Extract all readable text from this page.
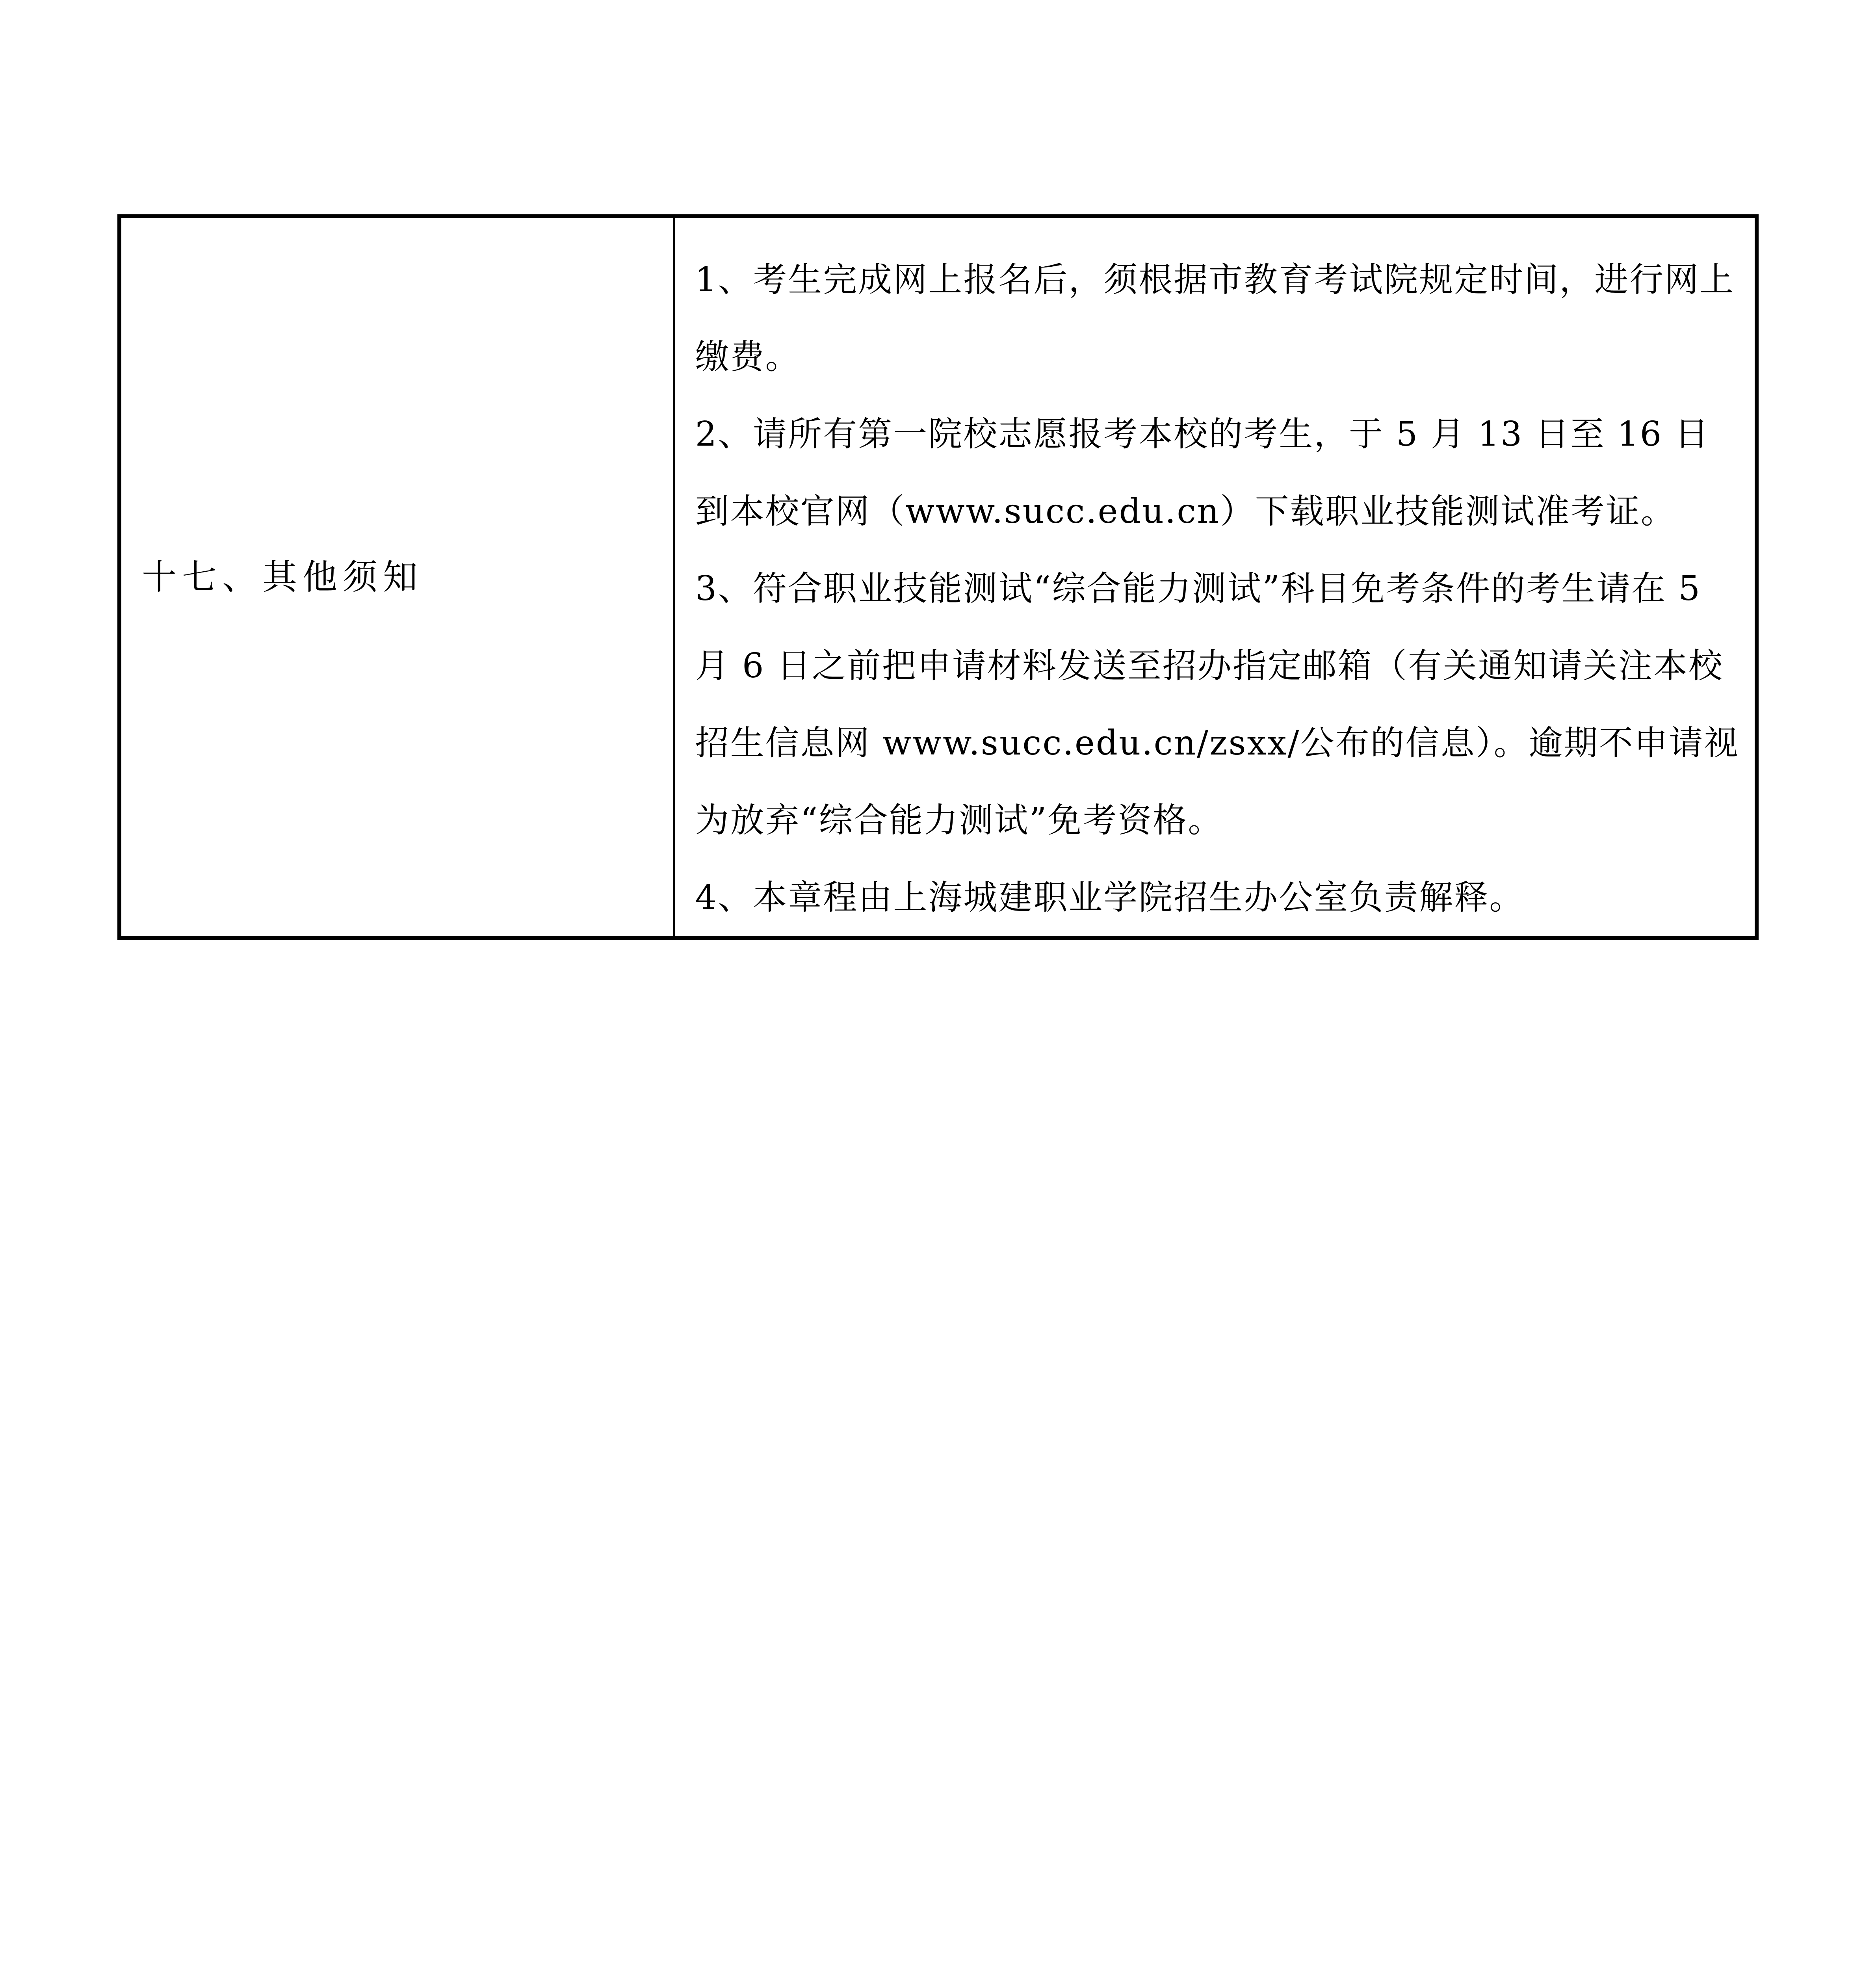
十七、其他须知

1、考生完成网上报名后，须根据市教育考试院规定时间，进行网上缴费。

2、请所有第一院校志愿报考本校的考生，于 5 月 13 日至 16 日到本校官网（www.succ.edu.cn）下载职业技能测试准考证。

3、符合职业技能测试“综合能力测试”科目免考条件的考生请在 5 月 6 日之前把申请材料发送至招办指定邮箱（有关通知请关注本校招生信息网 www.succ.edu.cn/zsxx/公布的信息）。逾期不申请视为放弃“综合能力测试”免考资格。

4、本章程由上海城建职业学院招生办公室负责解释。
